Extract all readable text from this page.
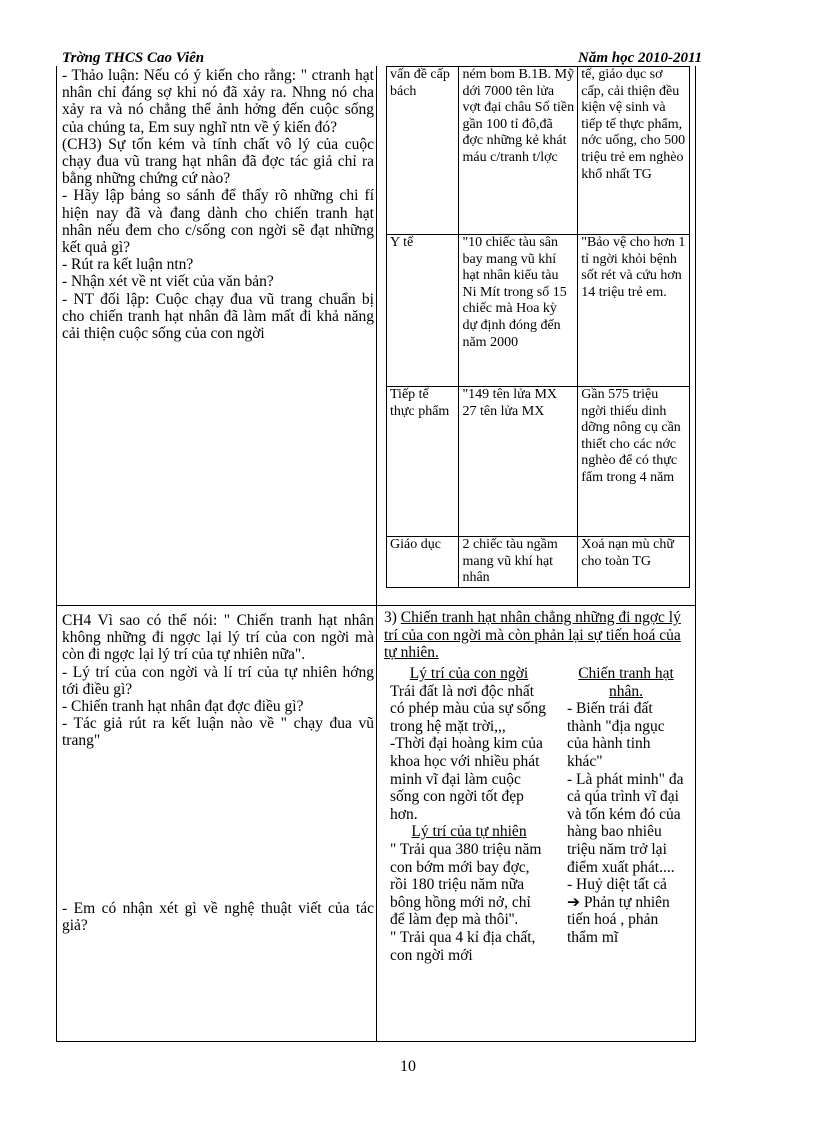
Trờng THCS Cao Viên	Năm học 2010-2011

- Thảo luận: Nếu có ý kiến cho rằng: " ctranh hạt nhân chỉ đáng sợ khi nó đã xảy ra. Nhng nó cha xảy ra và nó chẳng thể ảnh hởng đến cuộc sống của chúng ta, Em suy nghĩ ntn về ý kiến đó?

(CH3) Sự tốn kém và tính chất vô lý của cuộc chạy đua vũ trang hạt nhân đã đợc tác giả chỉ ra bằng những chứng cứ nào?

- Hãy lập bảng so sánh để thấy rõ những chi fí hiện nay đã và đang dành cho chiến tranh hạt nhân nếu đem cho c/sống con ngời sẽ đạt những kết quả gì?

- Rút ra kết luận ntn?

- Nhận xét về nt viết của văn bản?

- NT đối lập: Cuộc chạy đua vũ trang chuẩn bị cho chiến tranh hạt nhân đã làm mất đi khả năng cải thiện cuộc sống của con ngời

CH4 Vì sao có thể nói: " Chiến tranh hạt nhân không những đi ngợc lại lý trí của con ngời mà còn đi ngợc lại lý trí của tự nhiên nữa".

- Lý trí của con ngời và lí trí của tự nhiên hớng tới điều gì?

- Chiến tranh hạt nhân đạt đợc điều gì?

- Tác giả rút ra kết luận nào về " chạy đua vũ trang"

- Em có nhận xét gì về nghệ thuật viết của tác giả?

vấn đề cấp bách	ném bom B.1B. Mỹ dới 7000 tên lửa vợt đại châu Số tiền gần 100 tỉ đô,đã đợc những kẻ khát máu c/tranh t/lợc	tế, giáo dục sơ cấp, cải thiện đều kiện vệ sinh và tiếp tế thực phẩm, nớc uống, cho 500 triệu trẻ em nghèo khổ nhất TG
Y tế	"10 chiếc tàu sân bay mang vũ khí hạt nhân kiểu tàu Ni Mít trong số 15 chiếc mà Hoa kỳ dự định đóng đến năm 2000	"Bảo vệ cho hơn 1 tỉ ngời khỏi bệnh sốt rét và cứu hơn 14 triệu trẻ em.
Tiếp tế thực phẩm	"149 tên lửa MX 27 tên lửa MX	Gần 575 triệu ngời thiếu dinh dỡng nông cụ cần thiết cho các nớc nghèo để có thực fẩm trong 4 năm
Giáo dục	2 chiếc tàu ngầm mang vũ khí hạt nhân	Xoá nạn mù chữ cho toàn TG
3) Chiến tranh hạt nhân chẳng những đi ngợc lý trí của con ngời mà còn phản lại sự tiến hoá của tự nhiên.

Lý trí của con ngời

Trái đất là nơi độc nhất có phép màu của sự sống trong hệ mặt trời,,,

-Thời đại hoàng kim của khoa học với nhiều phát minh vĩ đại làm cuộc sống con ngời tốt đẹp hơn.

Lý trí của tự nhiên

" Trải qua 380 triệu năm con bớm mới bay đợc, rồi 180 triệu năm nữa bông hồng mới nở, chỉ để làm đẹp mà thôi''.

" Trải qua 4 kỉ địa chất, con ngời mới

Chiến tranh hạt nhân.

- Biến trái đất thành "địa ngục của hành tinh khác"

- Là phát minh" đa cả qúa trình vĩ đại và tốn kém đó của hàng bao nhiêu triệu năm trở lại điểm xuất phát....

- Huỷ diệt tất cả

➔ Phản tự nhiên tiến hoá , phản thẩm mĩ

10
